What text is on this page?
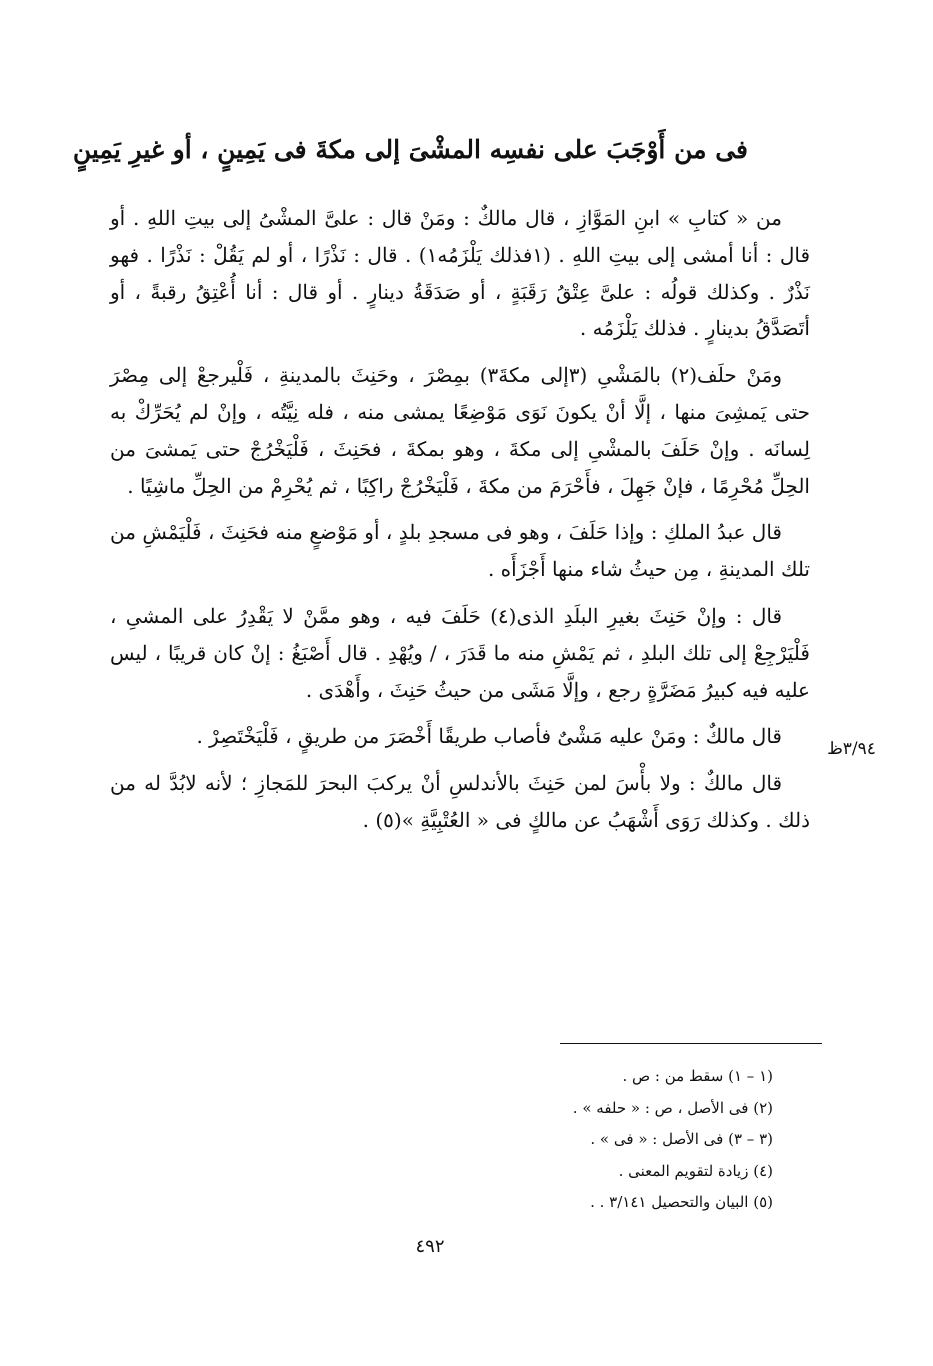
فى من أَوْجَبَ على نفسِه المشْىَ إلى مكةَ فى يَمِينٍ ، أو غيرِ يَمِينٍ

من « كتابِ » ابنِ المَوَّازِ ، قال مالكٌ : ومَنْ قال : علىَّ المشْىُ إلى بيتِ اللهِ . أو قال : أنا أمشى إلى بيتِ اللهِ . (١فذلك يَلْزَمُه١) . قال : نَذْرًا ، أو لم يَقُلْ : نَذْرًا . فهو نَذْرٌ . وكذلك قولُه : علىَّ عِتْقُ رَقَبَةٍ ، أو صَدَقَةُ دينارٍ . أو قال : أنا أُعْتِقُ رقبةً ، أو أتَصَدَّقُ بدينارٍ . فذلك يَلْزَمُه .

ومَنْ حلَف(٢) بالمَشْىِ (٣إلى مكةَ٣) بمِصْرَ ، وحَنِثَ بالمدينةِ ، فَلْيرجعْ إلى مِصْرَ حتى يَمشِىَ منها ، إلَّا أنْ يكونَ نَوَى مَوْضِعًا يمشى منه ، فله نِيَّتُه ، وإنْ لم يُحَرِّكْ به لِسانَه . وإنْ حَلَفَ بالمشْىِ إلى مكةَ ، وهو بمكةَ ، فحَنِثَ ، فَلْيَخْرُجْ حتى يَمشىَ من الحِلِّ مُحْرِمًا ، فإنْ جَهِلَ ، فأَحْرَمَ من مكةَ ، فَلْيَخْرُجْ راكِبًا ، ثم يُحْرِمْ من الحِلِّ ماشِيًا .

قال عبدُ الملكِ : وإذا حَلَفَ ، وهو فى مسجدِ بلدٍ ، أو مَوْضعٍ منه فحَنِثَ ، فَلْيَمْشِ من تلك المدينةِ ، مِن حيثُ شاء منها أَجْزَأَه .

قال : وإنْ حَنِثَ بغيرِ البلَدِ الذى(٤) حَلَفَ فيه ، وهو ممَّنْ لا يَقْدِرُ على المشىِ ، فَلْيَرْجِعْ إلى تلك البلدِ ، ثم يَمْشِ منه ما قَدَرَ ، / ويُهْدِ . قال أَصْبَغُ : إنْ كان قريبًا ، ليس عليه فيه كبيرُ مَضَرَّةٍ رجع ، وإلَّا مَشَى من حيثُ حَنِثَ ، وأَهْدَى .

قال مالكٌ : ومَنْ عليه مَشْىٌ فأصاب طريقًا أَخْصَرَ من طريقٍ ، فَلْيَخْتَصِرْ .

قال مالكٌ : ولا بأْسَ لمن حَنِثَ بالأندلسِ أنْ يركبَ البحرَ للمَجازِ ؛ لأنه لابُدَّ له من ذلك . وكذلك رَوَى أَشْهَبُ عن مالكٍ فى « العُتْبِيَّةِ »(٥) .

٣/٩٤ظ
(١ – ١) سقط من : ص .
(٢) فى الأصل ، ص : « حلفه » .
(٣ – ٣) فى الأصل : « فى » .
(٤) زيادة لتقويم المعنى .
(٥) البيان والتحصيل ٣/١٤١ . .
٤٩٢
